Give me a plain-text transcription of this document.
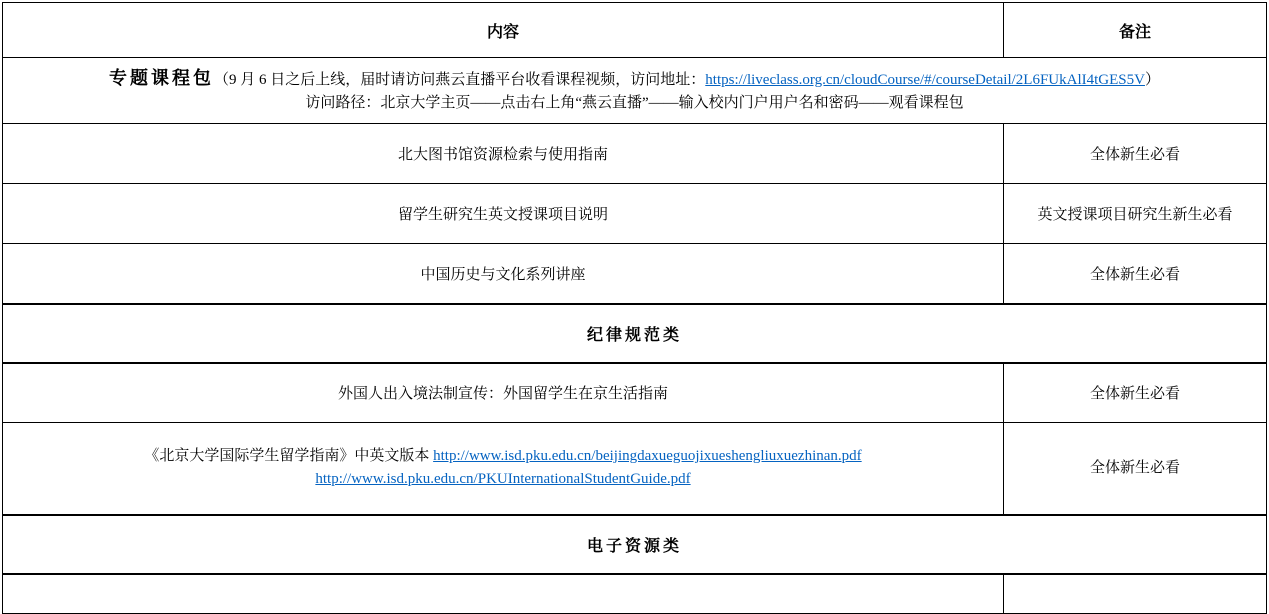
内容	备注
专题课程包（9 月 6 日之后上线，届时请访问燕云直播平台收看课程视频，访问地址：https://liveclass.org.cn/cloudCourse/#/courseDetail/2L6FUkAlI4tGES5V）
访问路径：北京大学主页——点击右上角“燕云直播”——输入校内门户用户名和密码——观看课程包	
北大图书馆资源检索与使用指南	全体新生必看
留学生研究生英文授课项目说明	英文授课项目研究生新生必看
中国历史与文化系列讲座	全体新生必看
纪律规范类	
外国人出入境法制宣传：外国留学生在京生活指南	全体新生必看
《北京大学国际学生留学指南》中英文版本 http://www.isd.pku.edu.cn/beijingdaxueguojixueshengliuxuezhinan.pdf
http://www.isd.pku.edu.cn/PKUInternationalStudentGuide.pdf	全体新生必看
电子资源类	
